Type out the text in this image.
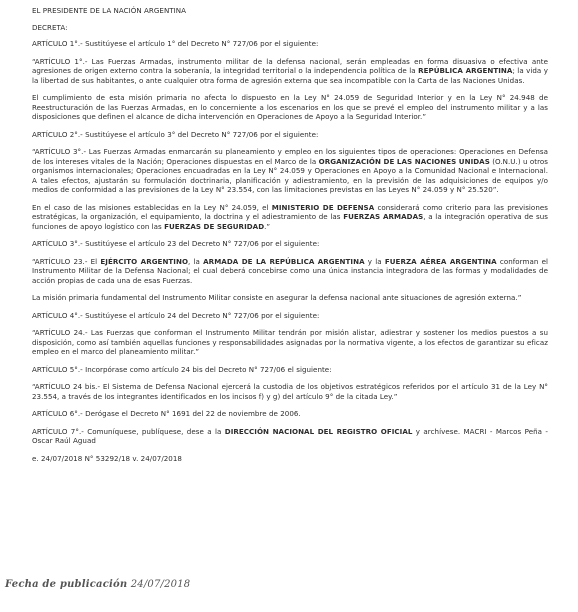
EL PRESIDENTE DE LA NACIÓN ARGENTINA

DECRETA:

ARTÍCULO 1°.- Sustitúyese el artículo 1° del Decreto N° 727/06 por el siguiente:

“ARTÍCULO 1°.- Las Fuerzas Armadas, instrumento militar de la defensa nacional, serán empleadas en forma disuasiva o efectiva ante agresiones de origen externo contra la soberanía, la integridad territorial o la independencia política de la REPÚBLICA ARGENTINA; la vida y la libertad de sus habitantes, o ante cualquier otra forma de agresión externa que sea incompatible con la Carta de las Naciones Unidas.

El cumplimiento de esta misión primaria no afecta lo dispuesto en la Ley N° 24.059 de Seguridad Interior y en la Ley N° 24.948 de Reestructuración de las Fuerzas Armadas, en lo concerniente a los escenarios en los que se prevé el empleo del instrumento militar y a las disposiciones que definen el alcance de dicha intervención en Operaciones de Apoyo a la Seguridad Interior.”

ARTÍCULO 2°.- Sustitúyese el artículo 3° del Decreto N° 727/06 por el siguiente:

“ARTÍCULO 3°.- Las Fuerzas Armadas enmarcarán su planeamiento y empleo en los siguientes tipos de operaciones: Operaciones en Defensa de los intereses vitales de la Nación; Operaciones dispuestas en el Marco de la ORGANIZACIÓN DE LAS NACIONES UNIDAS (O.N.U.) u otros organismos internacionales; Operaciones encuadradas en la Ley N° 24.059 y Operaciones en Apoyo a la Comunidad Nacional e Internacional. A tales efectos, ajustarán su formulación doctrinaria, planificación y adiestramiento, en la previsión de las adquisiciones de equipos y/o medios de conformidad a las previsiones de la Ley N° 23.554, con las limitaciones previstas en las Leyes N° 24.059 y N° 25.520”.

En el caso de las misiones establecidas en la Ley N° 24.059, el MINISTERIO DE DEFENSA considerará como criterio para las previsiones estratégicas, la organización, el equipamiento, la doctrina y el adiestramiento de las FUERZAS ARMADAS, a la integración operativa de sus funciones de apoyo logístico con las FUERZAS DE SEGURIDAD.”

ARTÍCULO 3°.- Sustitúyese el artículo 23 del Decreto N° 727/06 por el siguiente:

“ARTÍCULO 23.- El EJÉRCITO ARGENTINO, la ARMADA DE LA REPÚBLICA ARGENTINA y la FUERZA AÉREA ARGENTINA conforman el Instrumento Militar de la Defensa Nacional; el cual deberá concebirse como una única instancia integradora de las formas y modalidades de acción propias de cada una de esas Fuerzas.

La misión primaria fundamental del Instrumento Militar consiste en asegurar la defensa nacional ante situaciones de agresión externa.”

ARTÍCULO 4°.- Sustitúyese el artículo 24 del Decreto N° 727/06 por el siguiente:

“ARTÍCULO 24.- Las Fuerzas que conforman el Instrumento Militar tendrán por misión alistar, adiestrar y sostener los medios puestos a su disposición, como así también aquellas funciones y responsabilidades asignadas por la normativa vigente, a los efectos de garantizar su eficaz empleo en el marco del planeamiento militar.”

ARTÍCULO 5°.- Incorpórase como artículo 24 bis del Decreto N° 727/06 el siguiente:

“ARTÍCULO 24 bis.- El Sistema de Defensa Nacional ejercerá la custodia de los objetivos estratégicos referidos por el artículo 31 de la Ley N° 23.554, a través de los integrantes identificados en los incisos f) y g) del artículo 9° de la citada Ley.”

ARTÍCULO 6°.- Derógase el Decreto N° 1691 del 22 de noviembre de 2006.

ARTÍCULO 7°.- Comuníquese, publíquese, dese a la DIRECCIÓN NACIONAL DEL REGISTRO OFICIAL y archívese. MACRI - Marcos Peña - Oscar Raúl Aguad

e. 24/07/2018 N° 53292/18 v. 24/07/2018

Fecha de publicación 24/07/2018
